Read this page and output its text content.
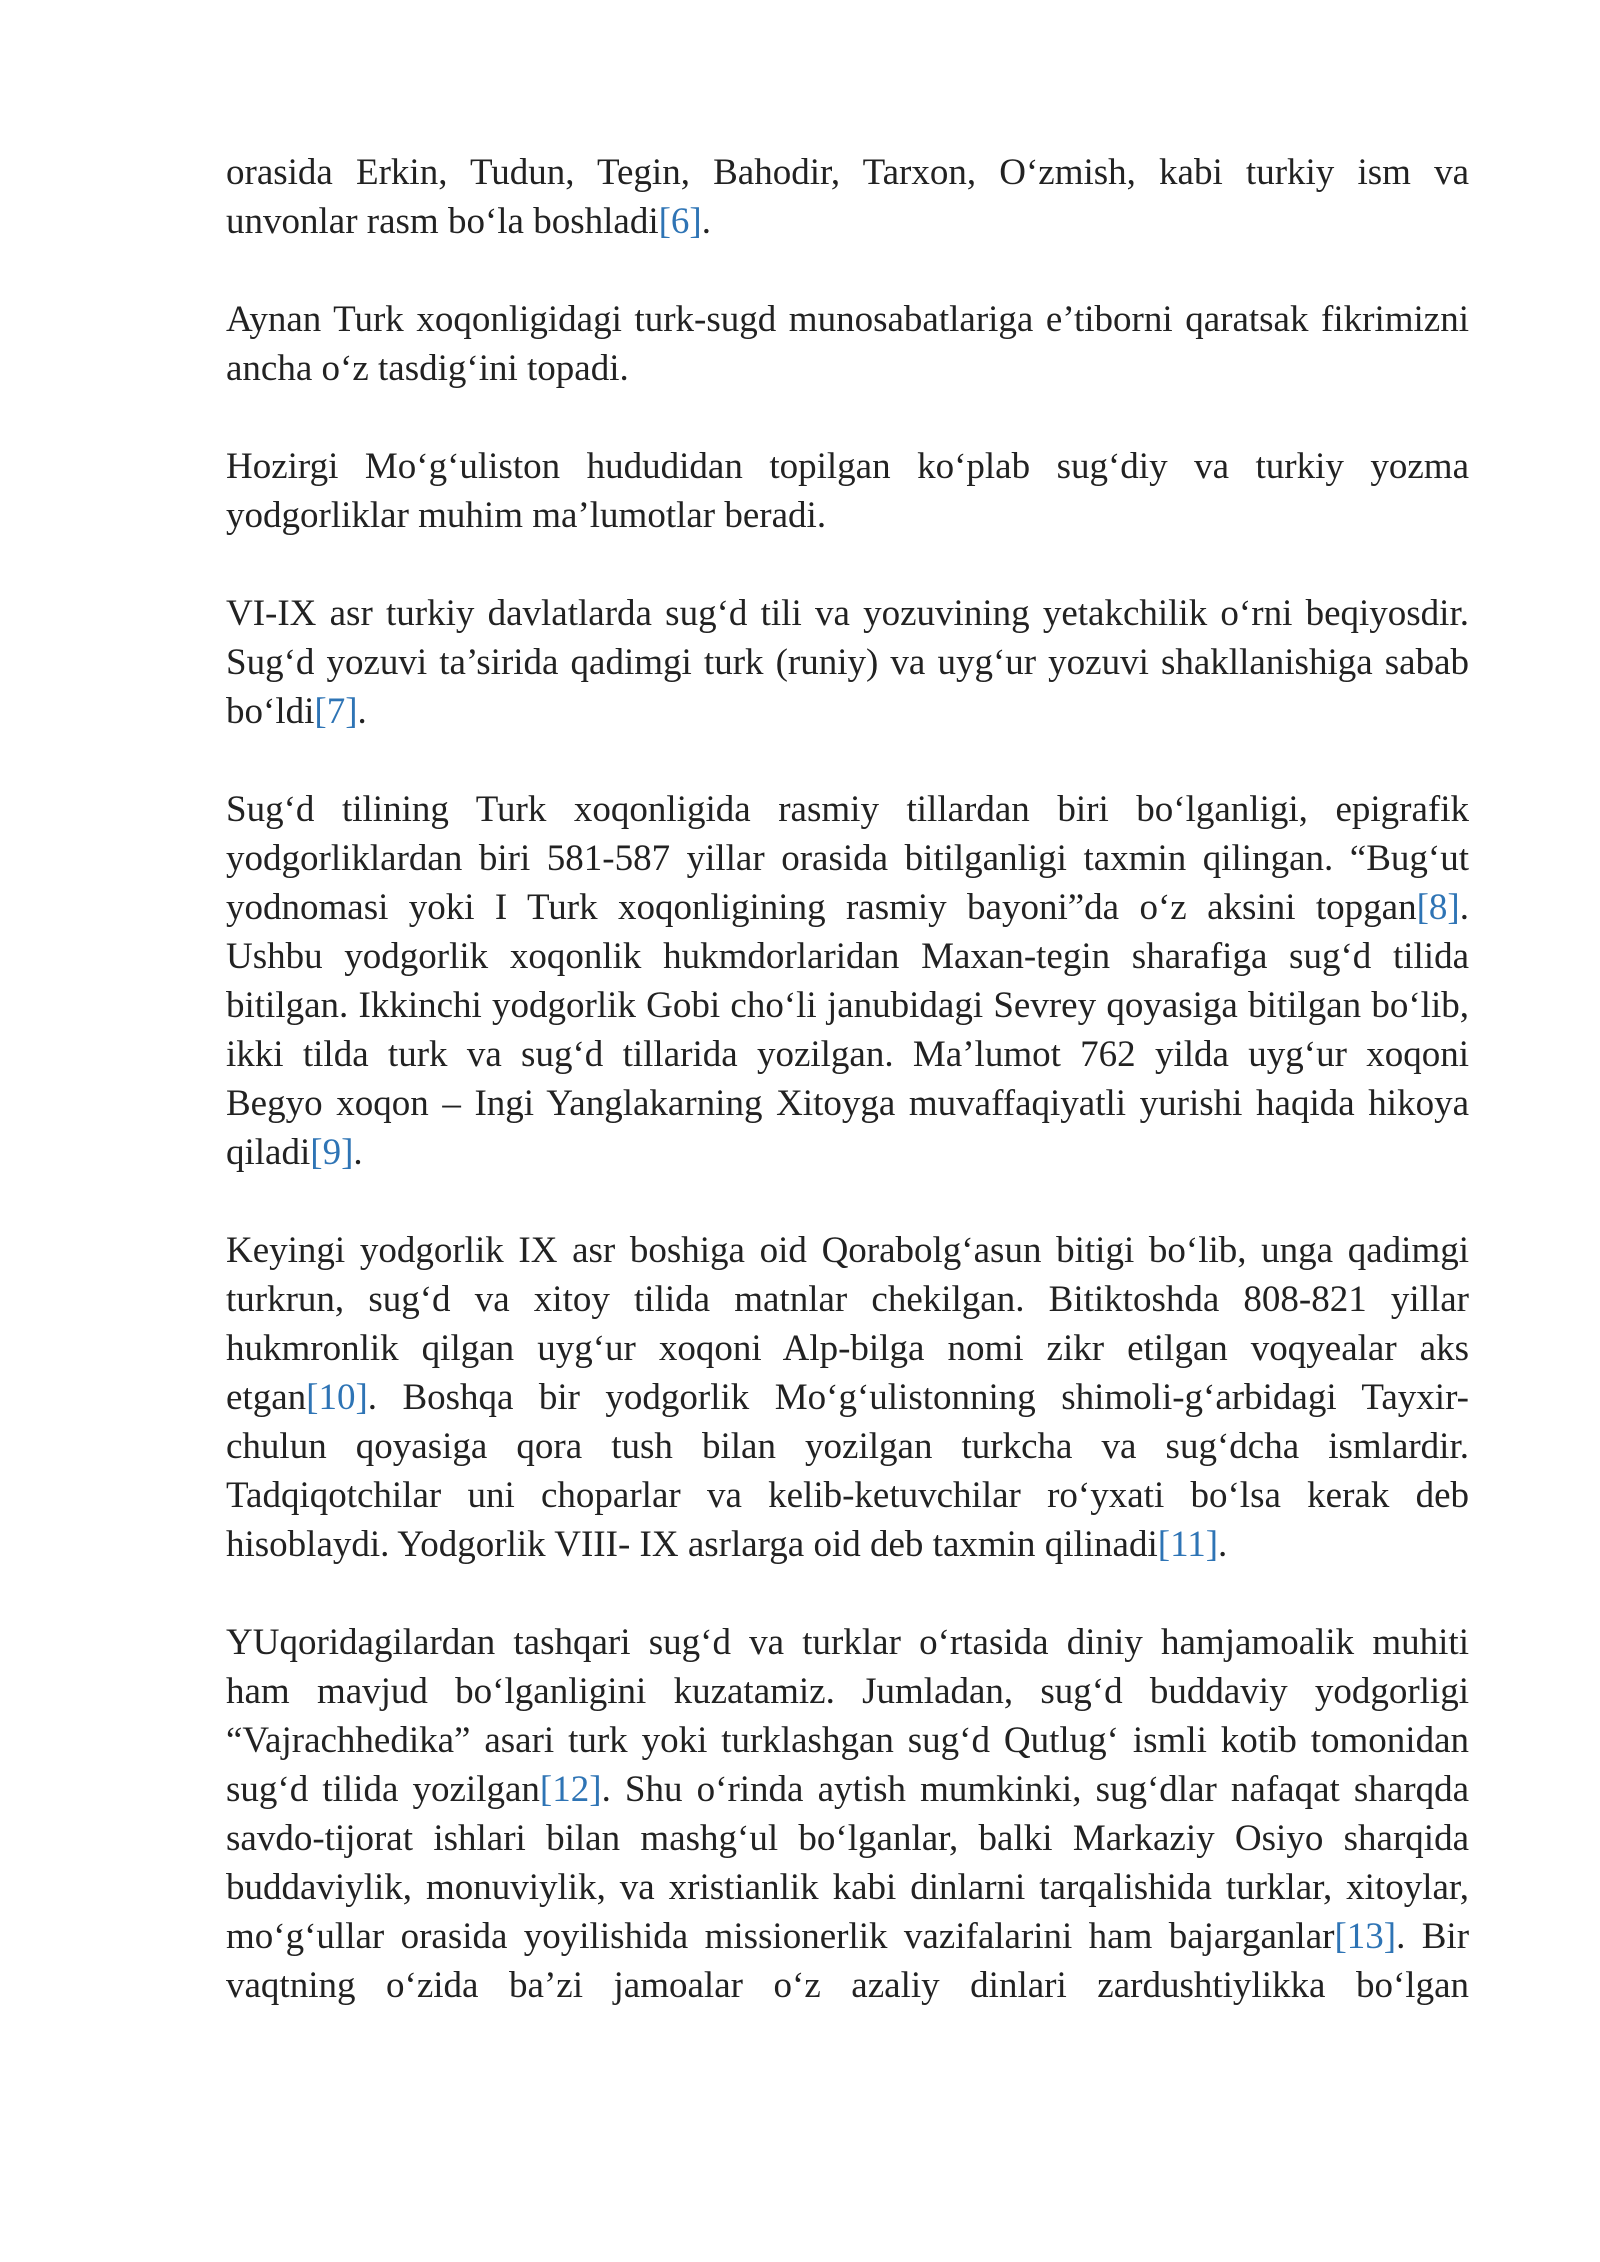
orasida Erkin, Tudun, Tegin, Bahodir, Tarxon, O‘zmish, kabi turkiy ism va
unvonlar rasm bo‘la boshladi[6].
Aynan Turk xoqonligidagi turk-sugd munosabatlariga e’tiborni qaratsak fikrimizni
ancha o‘z tasdig‘ini topadi.
Hozirgi Mo‘g‘uliston hududidan topilgan ko‘plab sug‘diy va turkiy yozma
yodgorliklar muhim ma’lumotlar beradi.
VI-IX asr turkiy davlatlarda sug‘d tili va yozuvining yetakchilik o‘rni beqiyosdir.
Sug‘d yozuvi ta’sirida qadimgi turk (runiy) va uyg‘ur yozuvi shakllanishiga sabab
bo‘ldi[7].
Sug‘d tilining Turk xoqonligida rasmiy tillardan biri bo‘lganligi, epigrafik
yodgorliklardan biri 581-587 yillar orasida bitilganligi taxmin qilingan. “Bug‘ut
yodnomasi yoki I Turk xoqonligining rasmiy bayoni”da o‘z aksini topgan[8].
Ushbu yodgorlik xoqonlik hukmdorlaridan Maxan-tegin sharafiga sug‘d tilida
bitilgan. Ikkinchi yodgorlik Gobi cho‘li janubidagi Sevrey qoyasiga bitilgan bo‘lib,
ikki tilda turk va sug‘d tillarida yozilgan. Ma’lumot 762 yilda uyg‘ur xoqoni
Begyo xoqon – Ingi Yanglakarning Xitoyga muvaffaqiyatli yurishi haqida hikoya
qiladi[9].
Keyingi yodgorlik IX asr boshiga oid Qorabolg‘asun bitigi bo‘lib, unga qadimgi
turkrun, sug‘d va xitoy tilida matnlar chekilgan. Bitiktoshda 808-821 yillar
hukmronlik qilgan uyg‘ur xoqoni Alp-bilga nomi zikr etilgan voqyealar aks
etgan[10]. Boshqa bir yodgorlik Mo‘g‘ulistonning shimoli-g‘arbidagi Tayxir-
chulun qoyasiga qora tush bilan yozilgan turkcha va sug‘dcha ismlardir.
Tadqiqotchilar uni choparlar va kelib-ketuvchilar ro‘yxati bo‘lsa kerak deb
hisoblaydi. Yodgorlik VIII- IX asrlarga oid deb taxmin qilinadi[11].
YUqoridagilardan tashqari sug‘d va turklar o‘rtasida diniy hamjamoalik muhiti
ham mavjud bo‘lganligini kuzatamiz. Jumladan, sug‘d buddaviy yodgorligi
“Vajrachhedika” asari turk yoki turklashgan sug‘d Qutlug‘ ismli kotib tomonidan
sug‘d tilida yozilgan[12]. Shu o‘rinda aytish mumkinki, sug‘dlar nafaqat sharqda
savdo-tijorat ishlari bilan mashg‘ul bo‘lganlar, balki Markaziy Osiyo sharqida
buddaviylik, monuviylik, va xristianlik kabi dinlarni tarqalishida turklar, xitoylar,
mo‘g‘ullar orasida yoyilishida missionerlik vazifalarini ham bajarganlar[13]. Bir
vaqtning o‘zida ba’zi jamoalar o‘z azaliy dinlari zardushtiylikka bo‘lgan
